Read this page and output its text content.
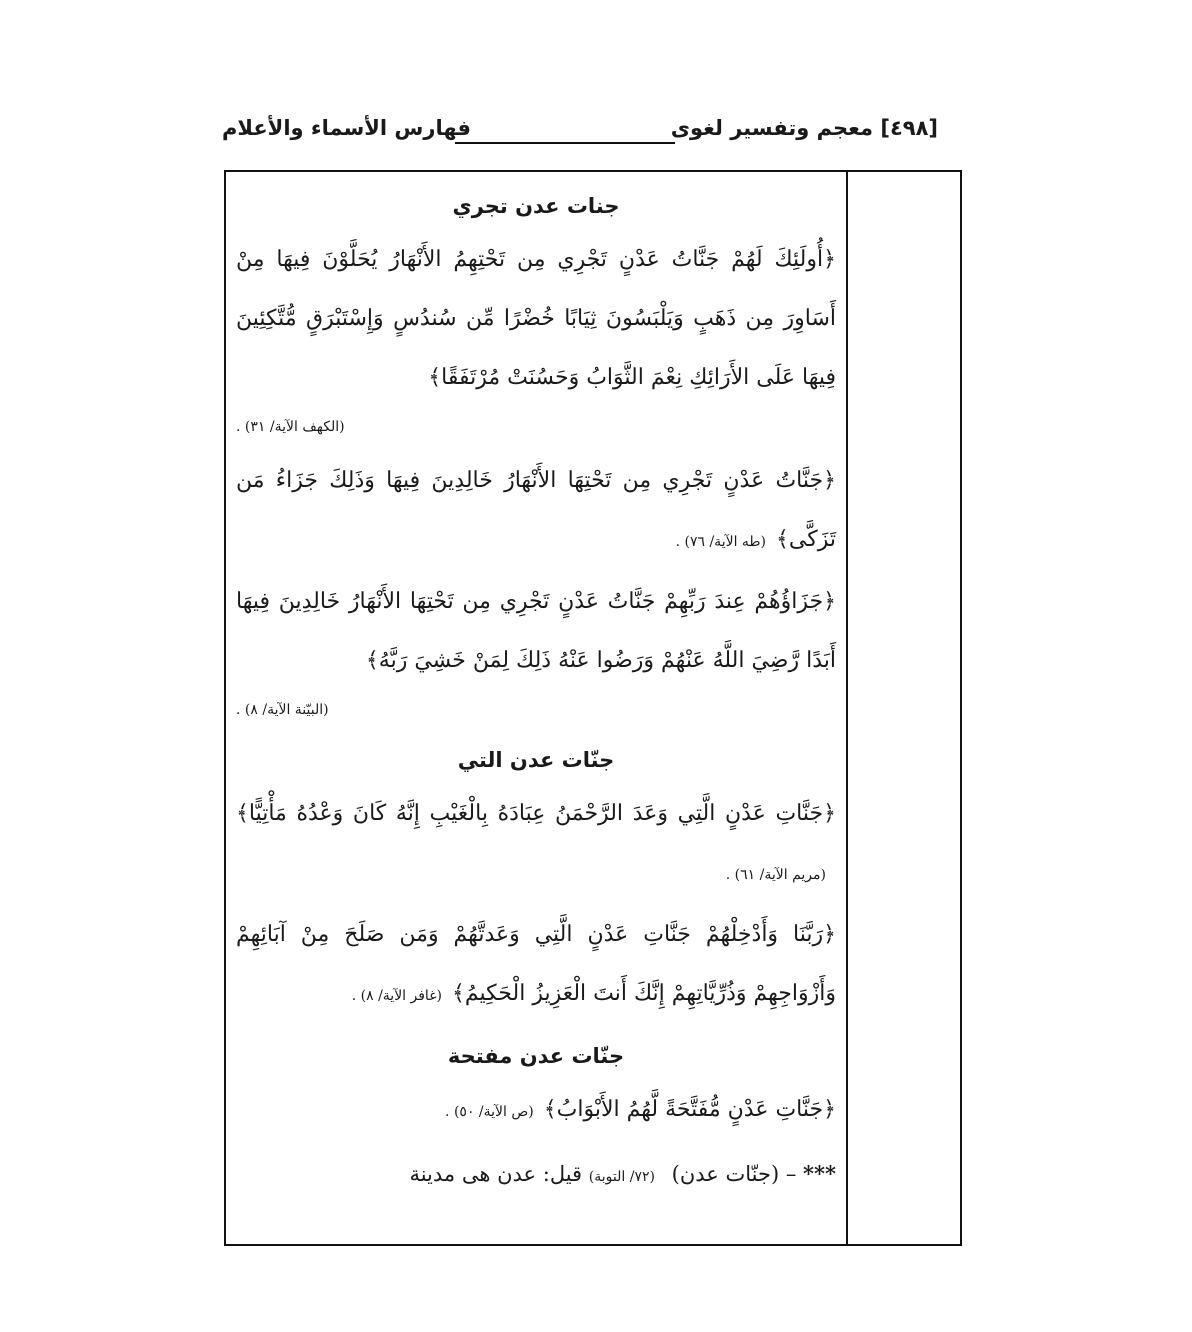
[٤٩٨] معجم وتفسير لغوى
فهارس الأسماء والأعلام
جنات عدن تجري

﴿أُولَئِكَ لَهُمْ جَنَّاتُ عَدْنٍ تَجْرِي مِن تَحْتِهِمُ الأَنْهَارُ يُحَلَّوْنَ فِيهَا مِنْ أَسَاوِرَ مِن ذَهَبٍ وَيَلْبَسُونَ ثِيَابًا خُضْرًا مِّن سُندُسٍ وَإِسْتَبْرَقٍ مُّتَّكِئِينَ فِيهَا عَلَى الأَرَائِكِ نِعْمَ الثَّوَابُ وَحَسُنَتْ مُرْتَفَقًا﴾

(الكهف الآية/ ٣١) .

﴿جَنَّاتُ عَدْنٍ تَجْرِي مِن تَحْتِهَا الأَنْهَارُ خَالِدِينَ فِيهَا وَذَلِكَ جَزَاءُ مَن تَزَكَّى﴾(طه الآية/ ٧٦) .

﴿جَزَاؤُهُمْ عِندَ رَبِّهِمْ جَنَّاتُ عَدْنٍ تَجْرِي مِن تَحْتِهَا الأَنْهَارُ خَالِدِينَ فِيهَا أَبَدًا رَّضِيَ اللَّهُ عَنْهُمْ وَرَضُوا عَنْهُ ذَلِكَ لِمَنْ خَشِيَ رَبَّهُ﴾

(البيّنة الآية/ ٨) .

جنّات عدن التي

﴿جَنَّاتِ عَدْنٍ الَّتِي وَعَدَ الرَّحْمَنُ عِبَادَهُ بِالْغَيْبِ إِنَّهُ كَانَ وَعْدُهُ مَأْتِيًّا﴾(مريم الآية/ ٦١) .

﴿رَبَّنَا وَأَدْخِلْهُمْ جَنَّاتِ عَدْنٍ الَّتِي وَعَدتَّهُمْ وَمَن صَلَحَ مِنْ آبَائِهِمْ وَأَزْوَاجِهِمْ وَذُرِّيَّاتِهِمْ إِنَّكَ أَنتَ الْعَزِيزُ الْحَكِيمُ﴾(غافر الآية/ ٨) .

جنّات عدن مفتحة

﴿جَنَّاتِ عَدْنٍ مُّفَتَّحَةً لَّهُمُ الأَبْوَابُ﴾(ص الآية/ ٥٠) .

*** – (جنّات عدن) (٧٢/ التوبة) قيل: عدن هى مدينة
